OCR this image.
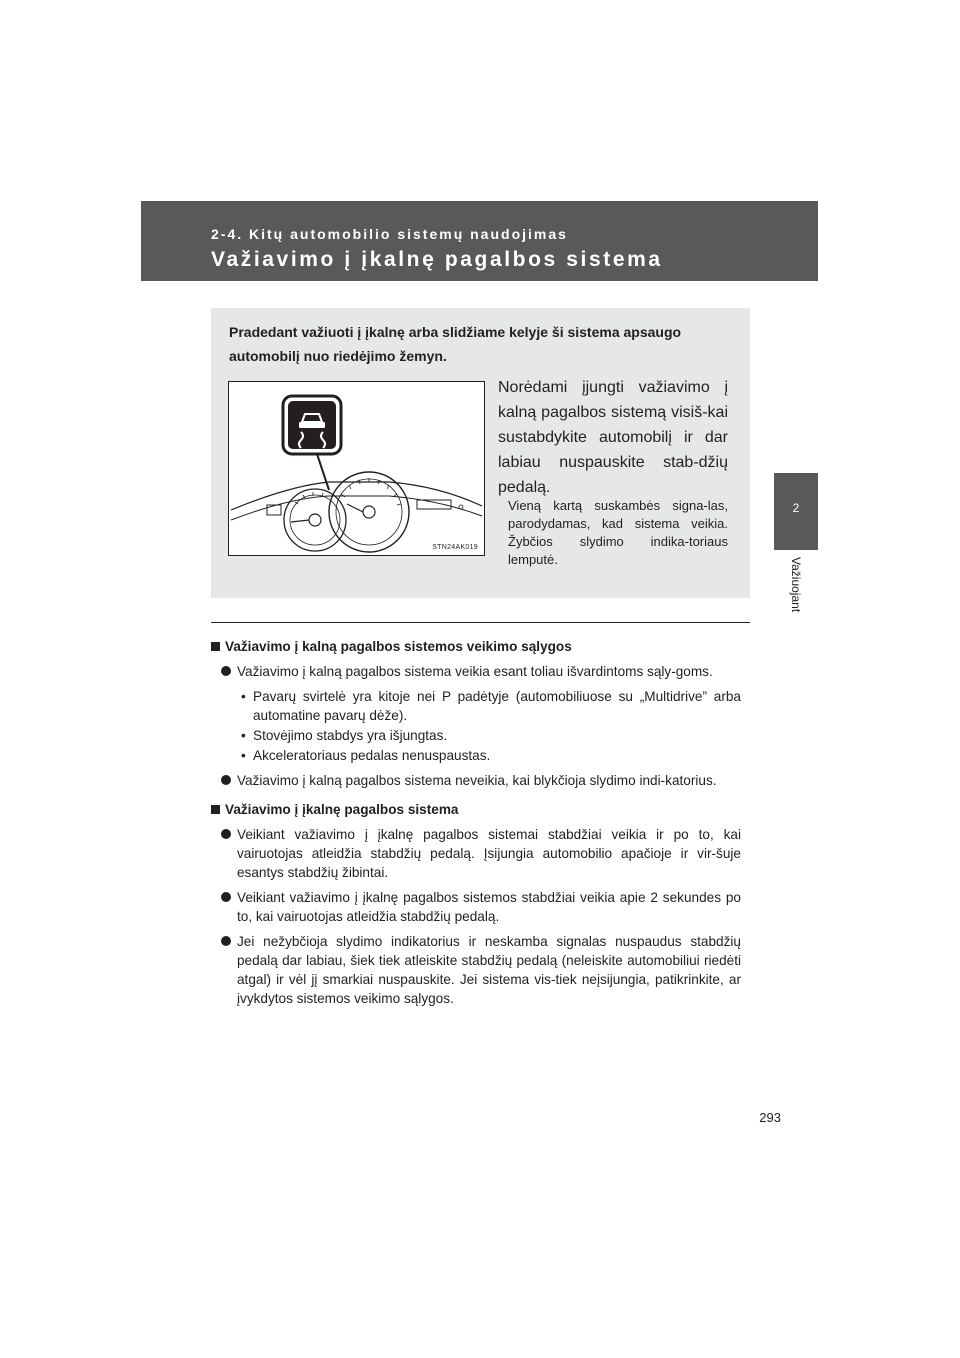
2-4. Kitų automobilio sistemų naudojimas
Važiavimo į įkalnę pagalbos sistema
2
Važiuojant

Pradedant važiuoti į įkalnę arba slidžiame kelyje ši sistema apsaugo automobilį nuo riedėjimo žemyn.

STN24AK019

Norėdami įjungti važiavimo į kalną pagalbos sistemą visiš-kai sustabdykite automobilį ir dar labiau nuspauskite stab-džių pedalą.

Vieną kartą suskambės signa-las, parodydamas, kad sistema veikia. Žybčios slydimo indika-toriaus lemputė.

Važiavimo į kalną pagalbos sistemos veikimo sąlygos

Važiavimo į kalną pagalbos sistema veikia esant toliau išvardintoms sąly-goms.

• Pavarų svirtelė yra kitoje nei P padėtyje (automobiliuose su „Multidrive” arba automatine pavarų dėže).

• Stovėjimo stabdys yra išjungtas.

• Akceleratoriaus pedalas nenuspaustas.

Važiavimo į kalną pagalbos sistema neveikia, kai blykčioja slydimo indi-katorius.

Važiavimo į įkalnę pagalbos sistema

Veikiant važiavimo į įkalnę pagalbos sistemai stabdžiai veikia ir po to, kai vairuotojas atleidžia stabdžių pedalą. Įsijungia automobilio apačioje ir vir-šuje esantys stabdžių žibintai.

Veikiant važiavimo į įkalnę pagalbos sistemos stabdžiai veikia apie 2 sekundes po to, kai vairuotojas atleidžia stabdžių pedalą.

Jei nežybčioja slydimo indikatorius ir neskamba signalas nuspaudus stabdžių pedalą dar labiau, šiek tiek atleiskite stabdžių pedalą (neleiskite automobiliui riedėti atgal) ir vėl jį smarkiai nuspauskite. Jei sistema vis-tiek neįsijungia, patikrinkite, ar įvykdytos sistemos veikimo sąlygos.

293
